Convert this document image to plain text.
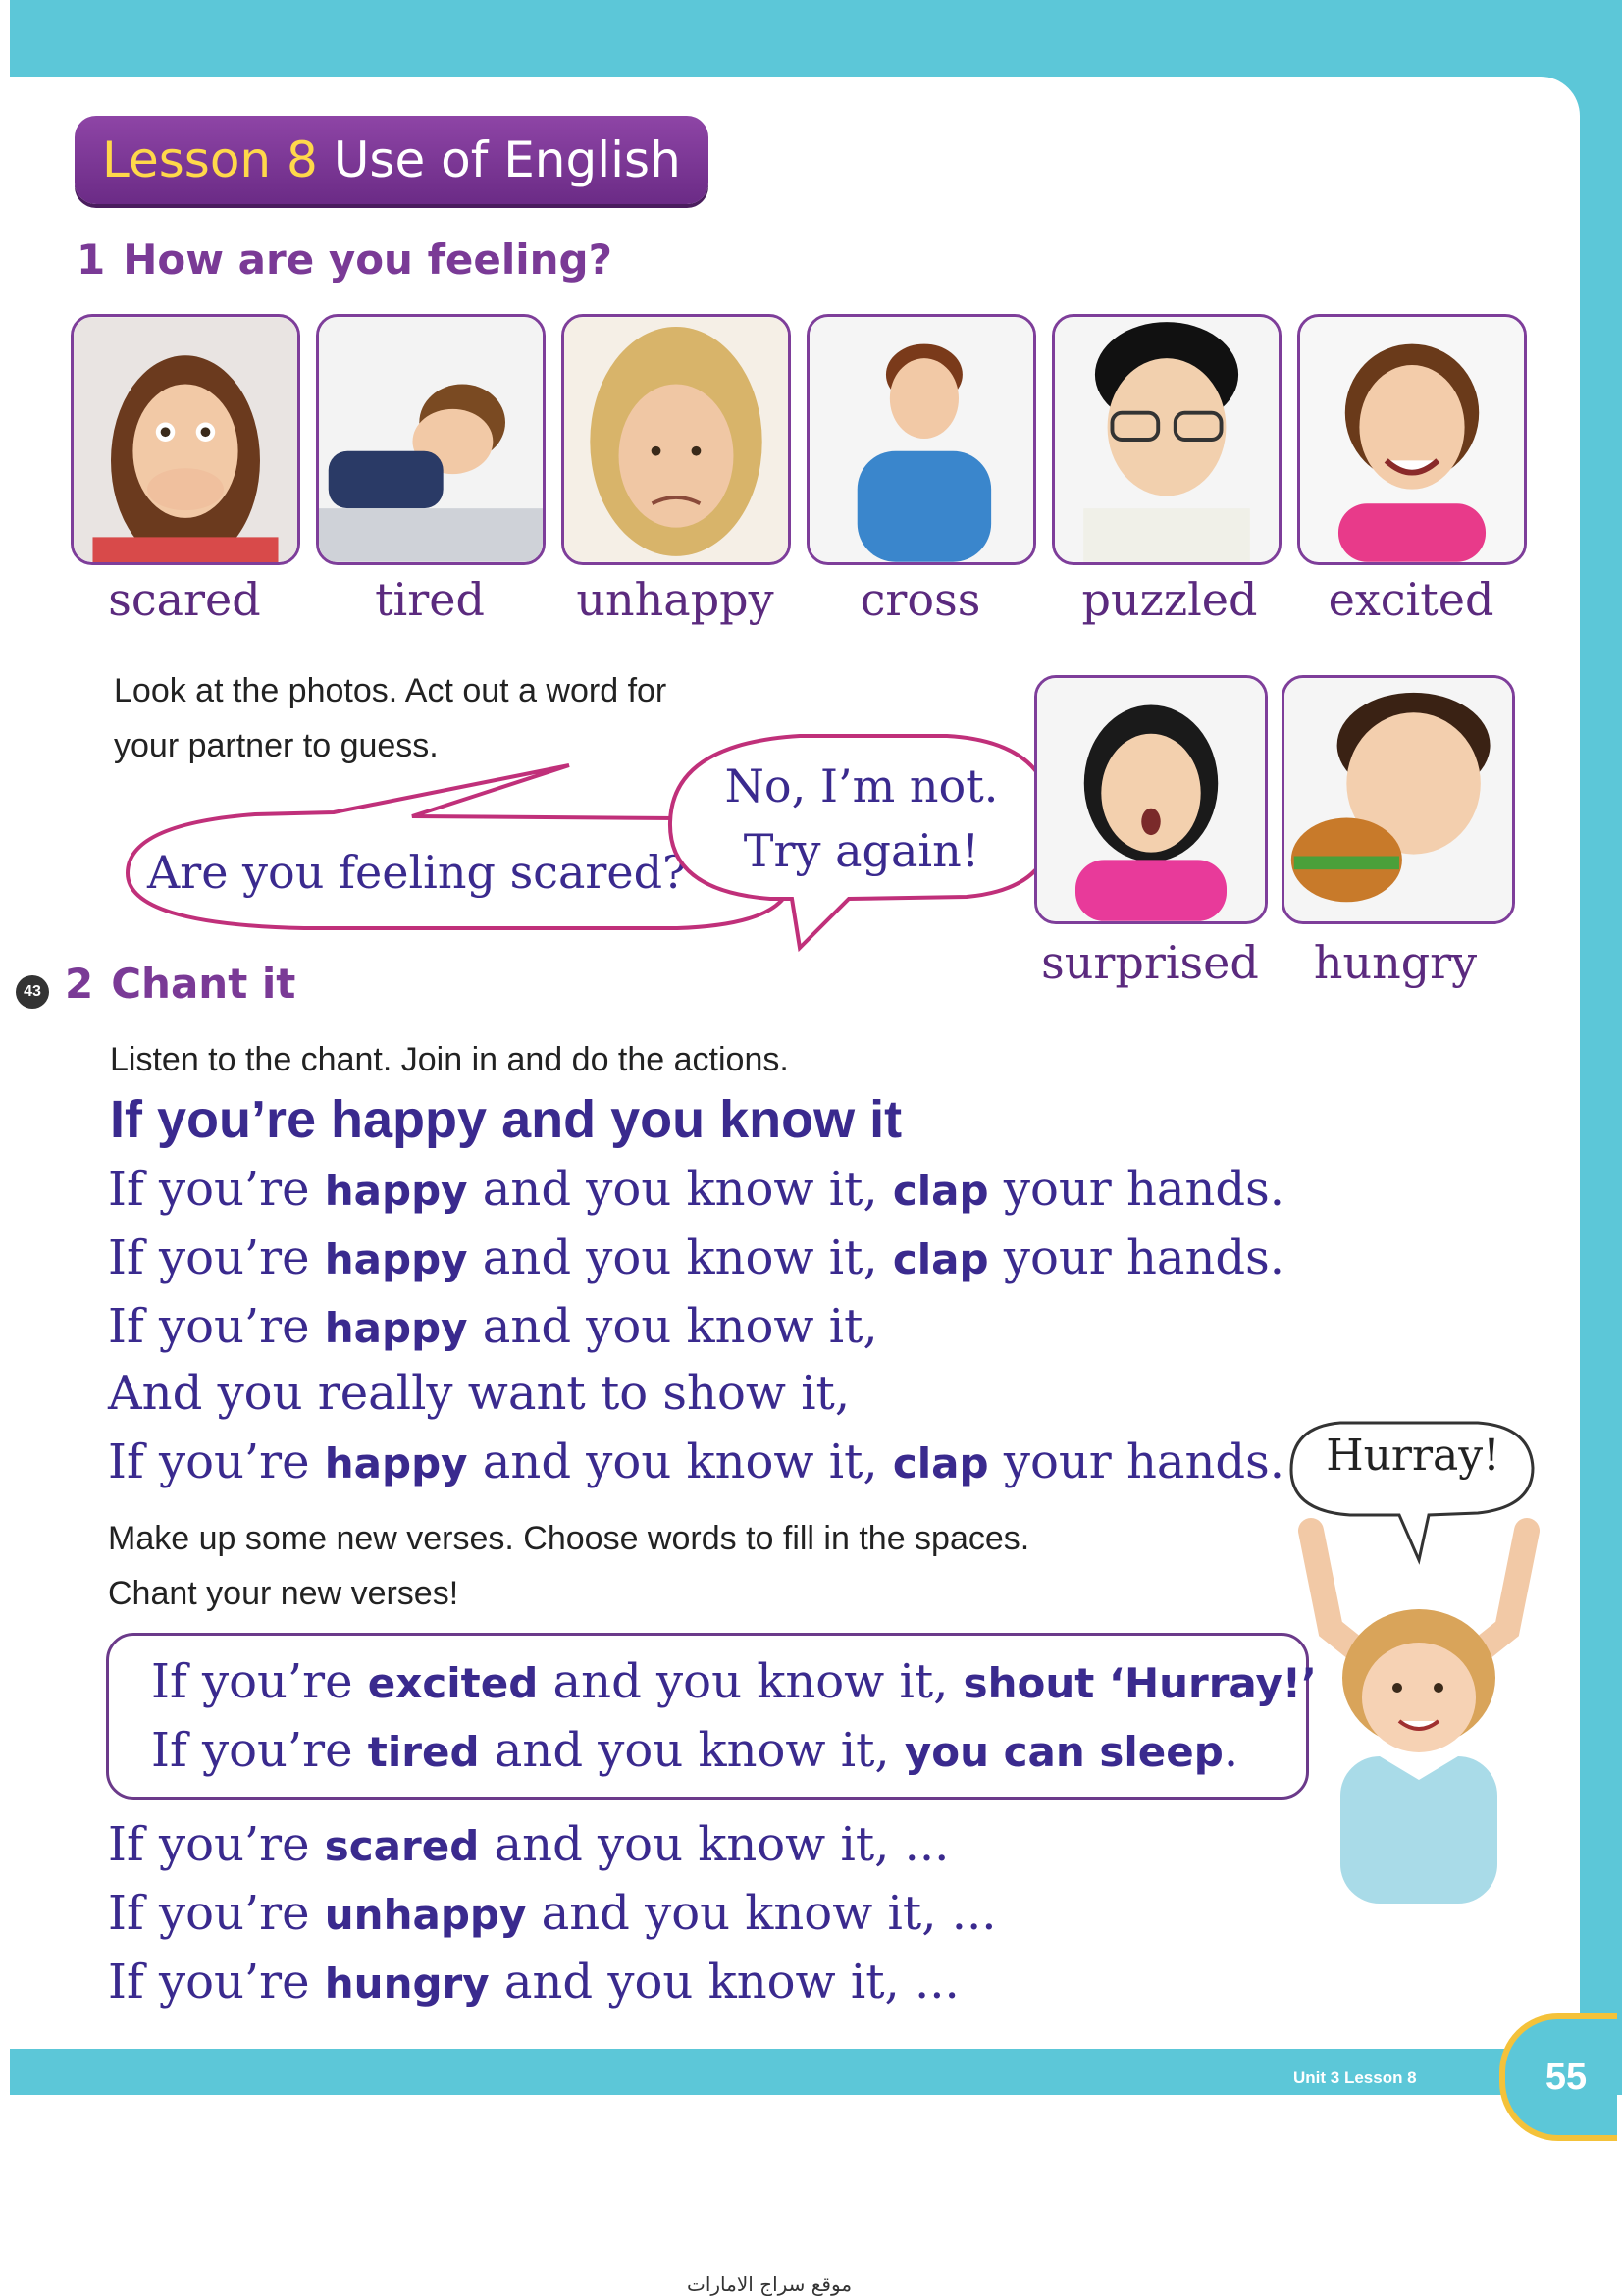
Lesson 8 Use of English
1 How are you feeling?
scared	tired	unhappy	cross	puzzled	excited
Look at the photos. Act out a word for
your partner to guess.
Are you feeling scared?
No, I’m not.
Try again!
surprised	hungry
43 2 Chant it
Listen to the chant. Join in and do the actions.
If you’re happy and you know it
If you’re happy and you know it, clap your hands.
If you’re happy and you know it, clap your hands.
If you’re happy and you know it,
And you really want to show it,
If you’re happy and you know it, clap your hands. Hurray!
Make up some new verses. Choose words to fill in the spaces.
Chant your new verses!
If you’re excited and you know it, shout ‘Hurray!’
If you’re tired and you know it, you can sleep.
If you’re scared and you know it, ...
If you’re unhappy and you know it, ...
If you’re hungry and you know it, ...
Unit 3 Lesson 8	55
موقع سراج الامارات
